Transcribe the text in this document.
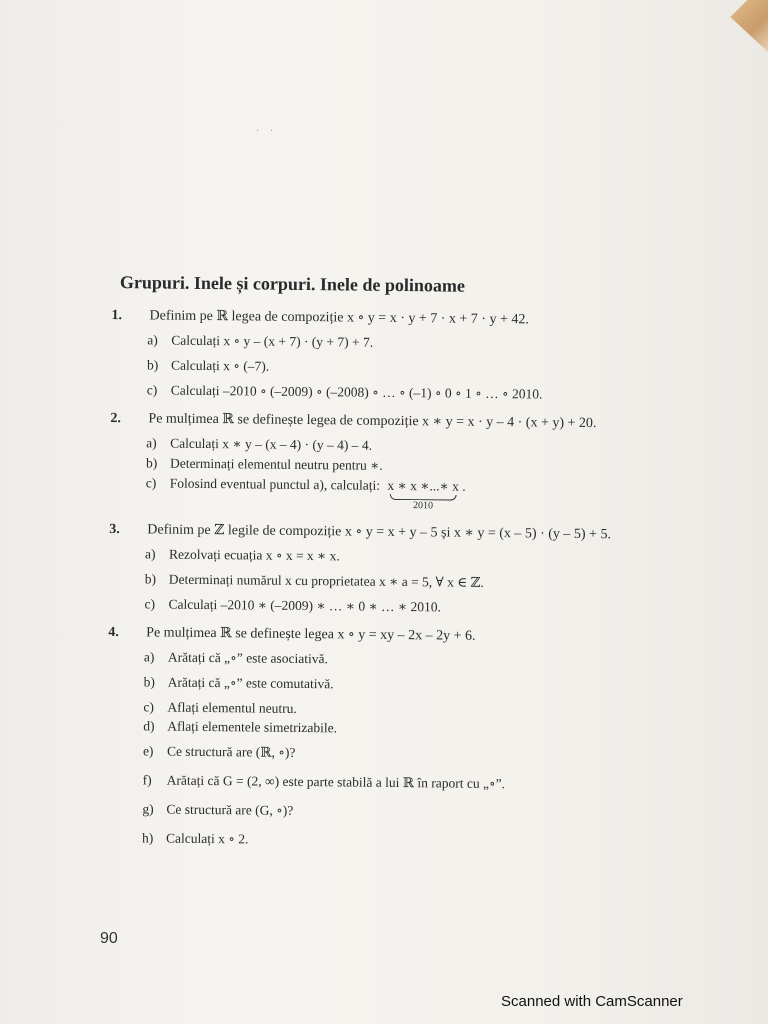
· ·
Grupuri. Inele și corpuri. Inele de polinoame
1.	Definim pe ℝ legea de compoziție x ∘ y = x · y + 7 · x + 7 · y + 42.
a) Calculați x ∘ y – (x + 7) · (y + 7) + 7.
b) Calculați x ∘ (–7).
c) Calculați –2010 ∘ (–2009) ∘ (–2008) ∘ … ∘ (–1) ∘ 0 ∘ 1 ∘ … ∘ 2010.
2.	Pe mulțimea ℝ se definește legea de compoziție x ∗ y = x · y – 4 · (x + y) + 20.
a) Calculați x ∗ y – (x – 4) · (y – 4) – 4.
b) Determinați elementul neutru pentru ∗.
c) Folosind eventual punctul a), calculați: x ∗ x ∗...∗ x
2010
.
3.	Definim pe ℤ legile de compoziție x ∘ y = x + y – 5 și x ∗ y = (x – 5) · (y – 5) + 5.
a) Rezolvați ecuația x ∘ x = x ∗ x.
b) Determinați numărul x cu proprietatea x ∗ a = 5, ∀ x ∈ ℤ.
c) Calculați –2010 ∗ (–2009) ∗ … ∗ 0 ∗ … ∗ 2010.
4.	Pe mulțimea ℝ se definește legea x ∘ y = xy – 2x – 2y + 6.
a) Arătați că „∘” este asociativă.
b) Arătați că „∘” este comutativă.
c) Aflați elementul neutru.
d) Aflați elementele simetrizabile.
e) Ce structură are (ℝ, ∘)?
f)	Arătați că G = (2, ∞) este parte stabilă a lui ℝ în raport cu „∘”.
g) Ce structură are (G, ∘)?
h) Calculați x ∘ 2.
90
Scanned with CamScanner
